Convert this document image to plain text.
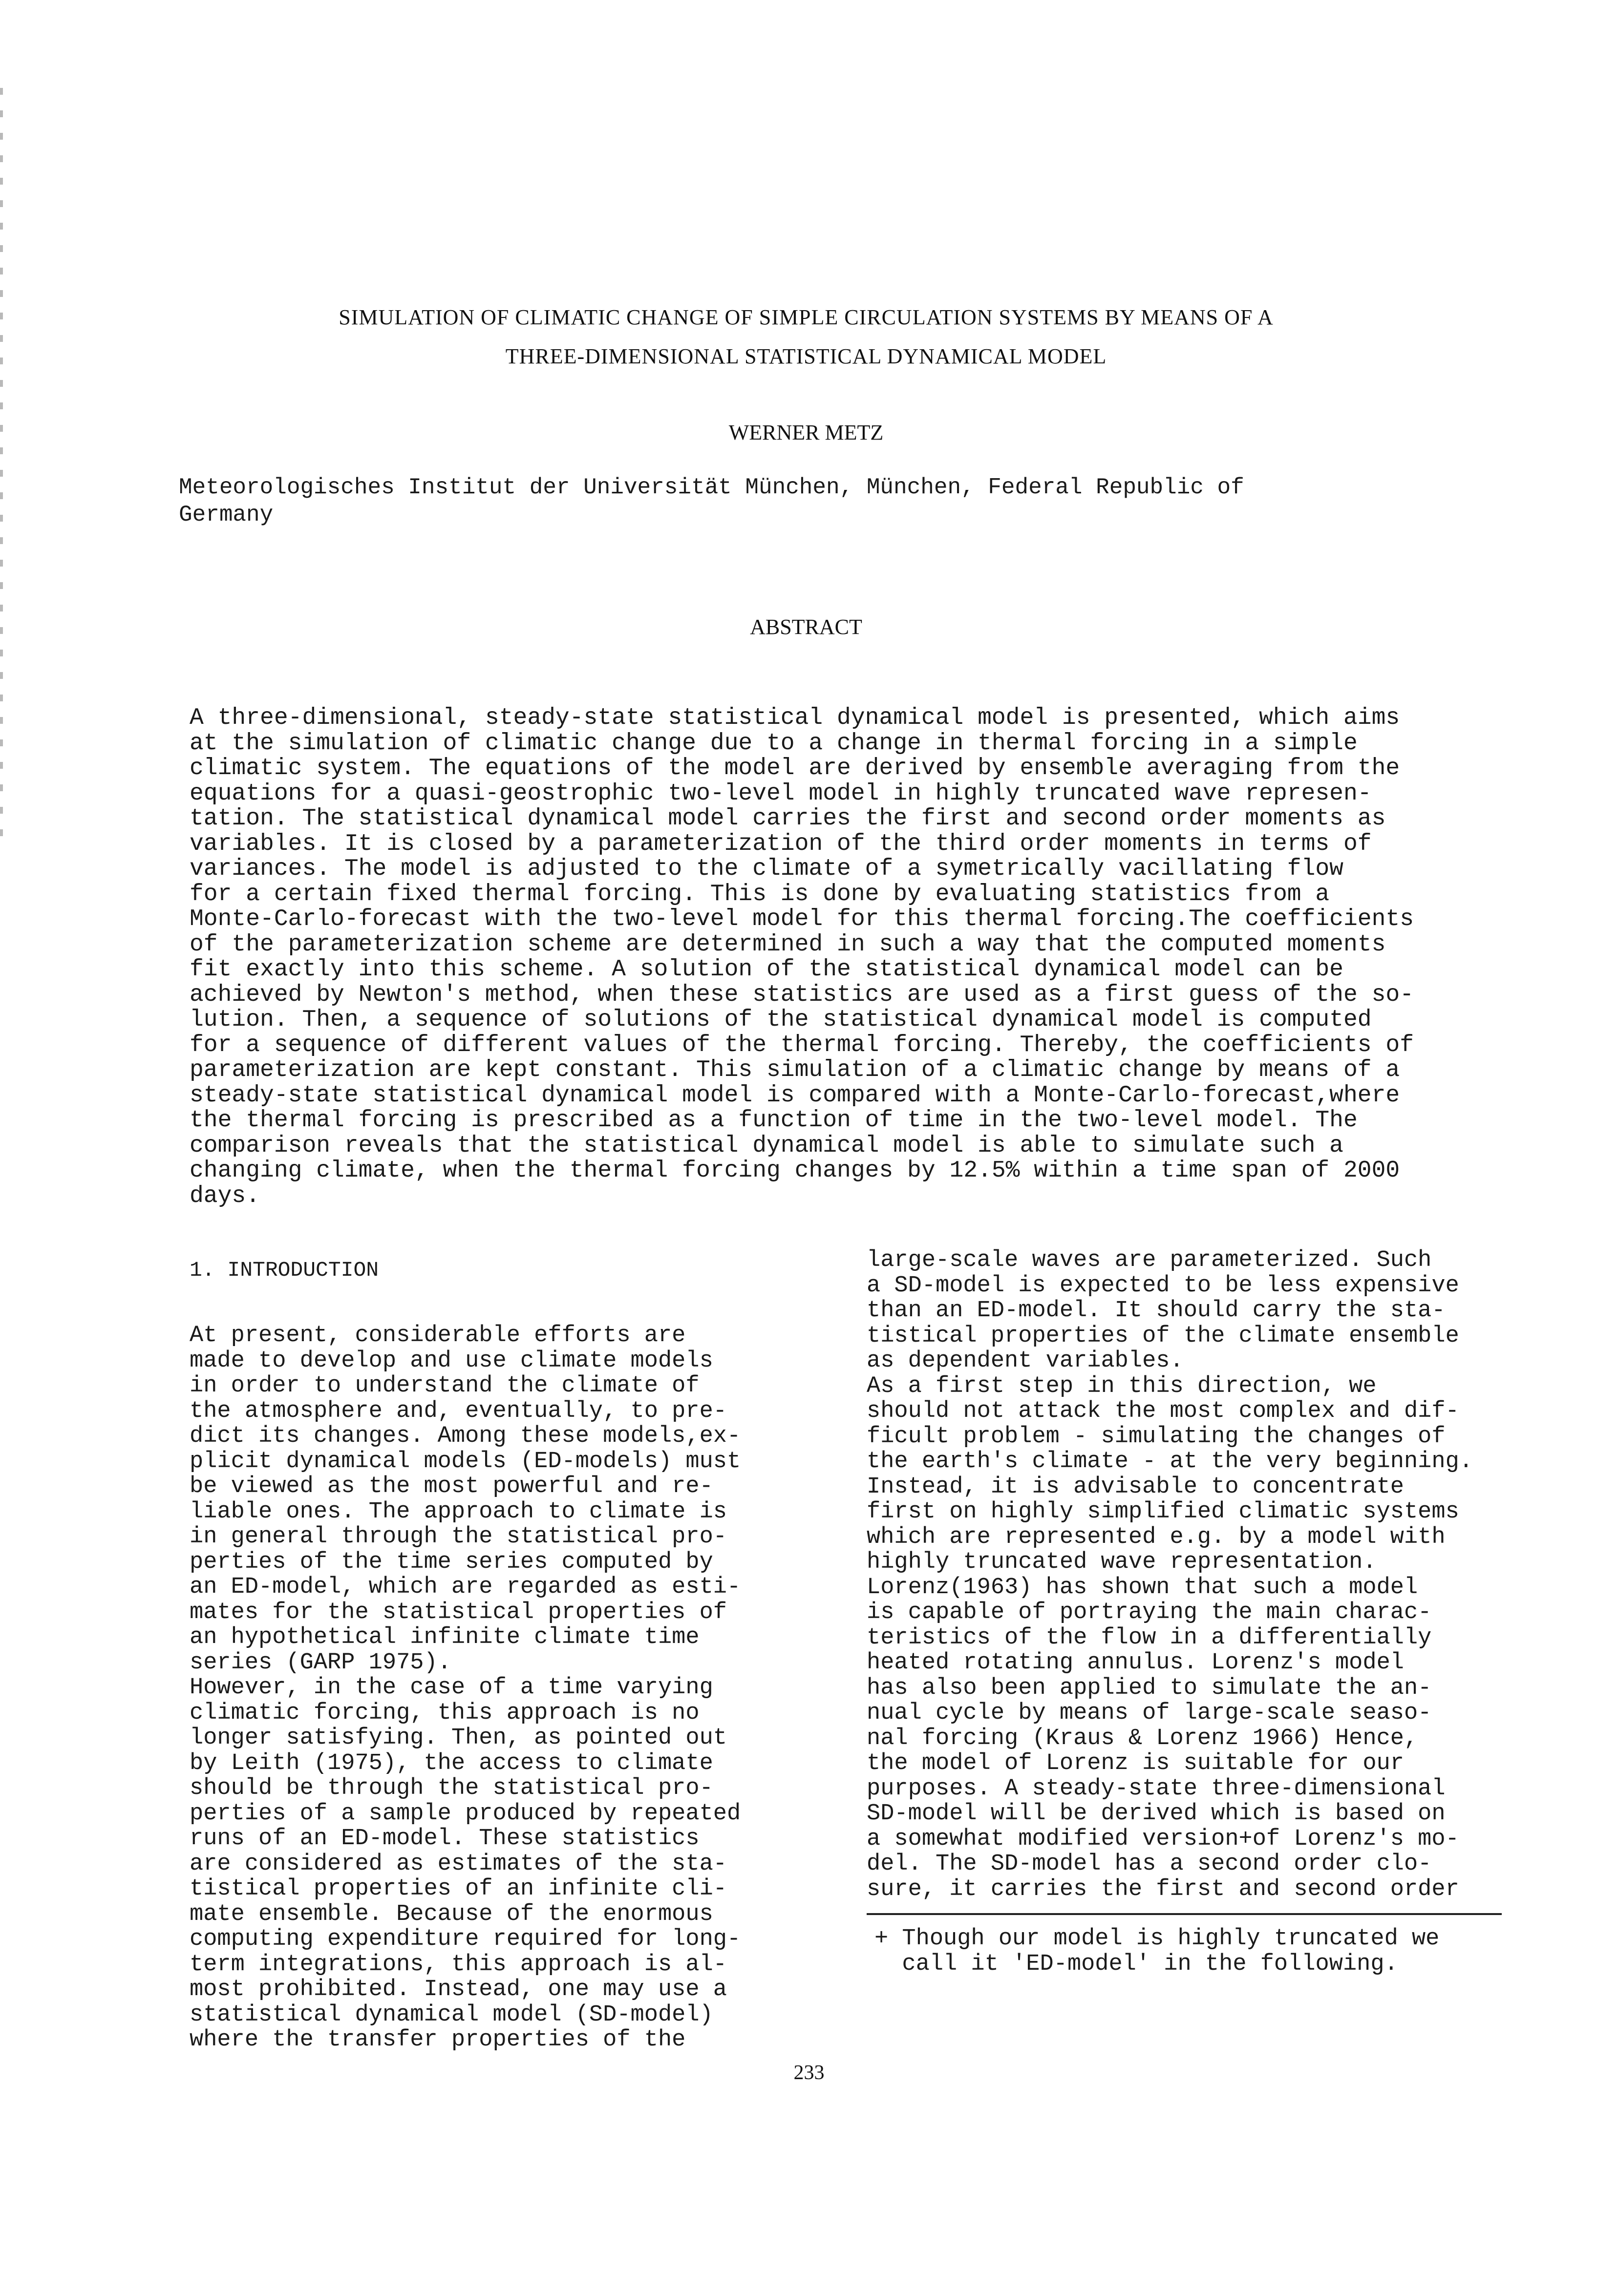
SIMULATION OF CLIMATIC CHANGE OF SIMPLE CIRCULATION SYSTEMS BY MEANS OF A
THREE-DIMENSIONAL STATISTICAL DYNAMICAL MODEL
WERNER METZ
Meteorologisches Institut der Universität München, München, Federal Republic of
Germany
ABSTRACT
A three-dimensional, steady-state statistical dynamical model is presented, which aims
at the simulation of climatic change due to a change in thermal forcing in a simple
climatic system. The equations of the model are derived by ensemble averaging from the
equations for a quasi-geostrophic two-level model in highly truncated wave represen-
tation. The statistical dynamical model carries the first and second order moments as
variables. It is closed by a parameterization of the third order moments in terms of
variances. The model is adjusted to the climate of a symetrically vacillating flow
for a certain fixed thermal forcing. This is done by evaluating statistics from a
Monte-Carlo-forecast with the two-level model for this thermal forcing.The coefficients
of the parameterization scheme are determined in such a way that the computed moments
fit exactly into this scheme. A solution of the statistical dynamical model can be
achieved by Newton's method, when these statistics are used as a first guess of the so-
lution. Then, a sequence of solutions of the statistical dynamical model is computed
for a sequence of different values of the thermal forcing. Thereby, the coefficients of
parameterization are kept constant. This simulation of a climatic change by means of a
steady-state statistical dynamical model is compared with a Monte-Carlo-forecast,where
the thermal forcing is prescribed as a function of time in the two-level model. The
comparison reveals that the statistical dynamical model is able to simulate such a
changing climate, when the thermal forcing changes by 12.5% within a time span of 2000
days.
1. INTRODUCTION
At present, considerable efforts are
made to develop and use climate models
in order to understand the climate of
the atmosphere and, eventually, to pre-
dict its changes. Among these models,ex-
plicit dynamical models (ED-models) must
be viewed as the most powerful and re-
liable ones. The approach to climate is
in general through the statistical pro-
perties of the time series computed by
an ED-model, which are regarded as esti-
mates for the statistical properties of
an hypothetical infinite climate time
series (GARP 1975).
However, in the case of a time varying
climatic forcing, this approach is no
longer satisfying. Then, as pointed out
by Leith (1975), the access to climate
should be through the statistical pro-
perties of a sample produced by repeated
runs of an ED-model. These statistics
are considered as estimates of the sta-
tistical properties of an infinite cli-
mate ensemble. Because of the enormous
computing expenditure required for long-
term integrations, this approach is al-
most prohibited. Instead, one may use a
statistical dynamical model (SD-model)
where the transfer properties of the
large-scale waves are parameterized. Such
a SD-model is expected to be less expensive
than an ED-model. It should carry the sta-
tistical properties of the climate ensemble
as dependent variables.
As a first step in this direction, we
should not attack the most complex and dif-
ficult problem - simulating the changes of
the earth's climate - at the very beginning.
Instead, it is advisable to concentrate
first on highly simplified climatic systems
which are represented e.g. by a model with
highly truncated wave representation.
Lorenz(1963) has shown that such a model
is capable of portraying the main charac-
teristics of the flow in a differentially
heated rotating annulus. Lorenz's model
has also been applied to simulate the an-
nual cycle by means of large-scale seaso-
nal forcing (Kraus & Lorenz 1966) Hence,
the model of Lorenz is suitable for our
purposes. A steady-state three-dimensional
SD-model will be derived which is based on
a somewhat modified version+of Lorenz's mo-
del. The SD-model has a second order clo-
sure, it carries the first and second order
+ Though our model is highly truncated we
call it 'ED-model' in the following.
233
